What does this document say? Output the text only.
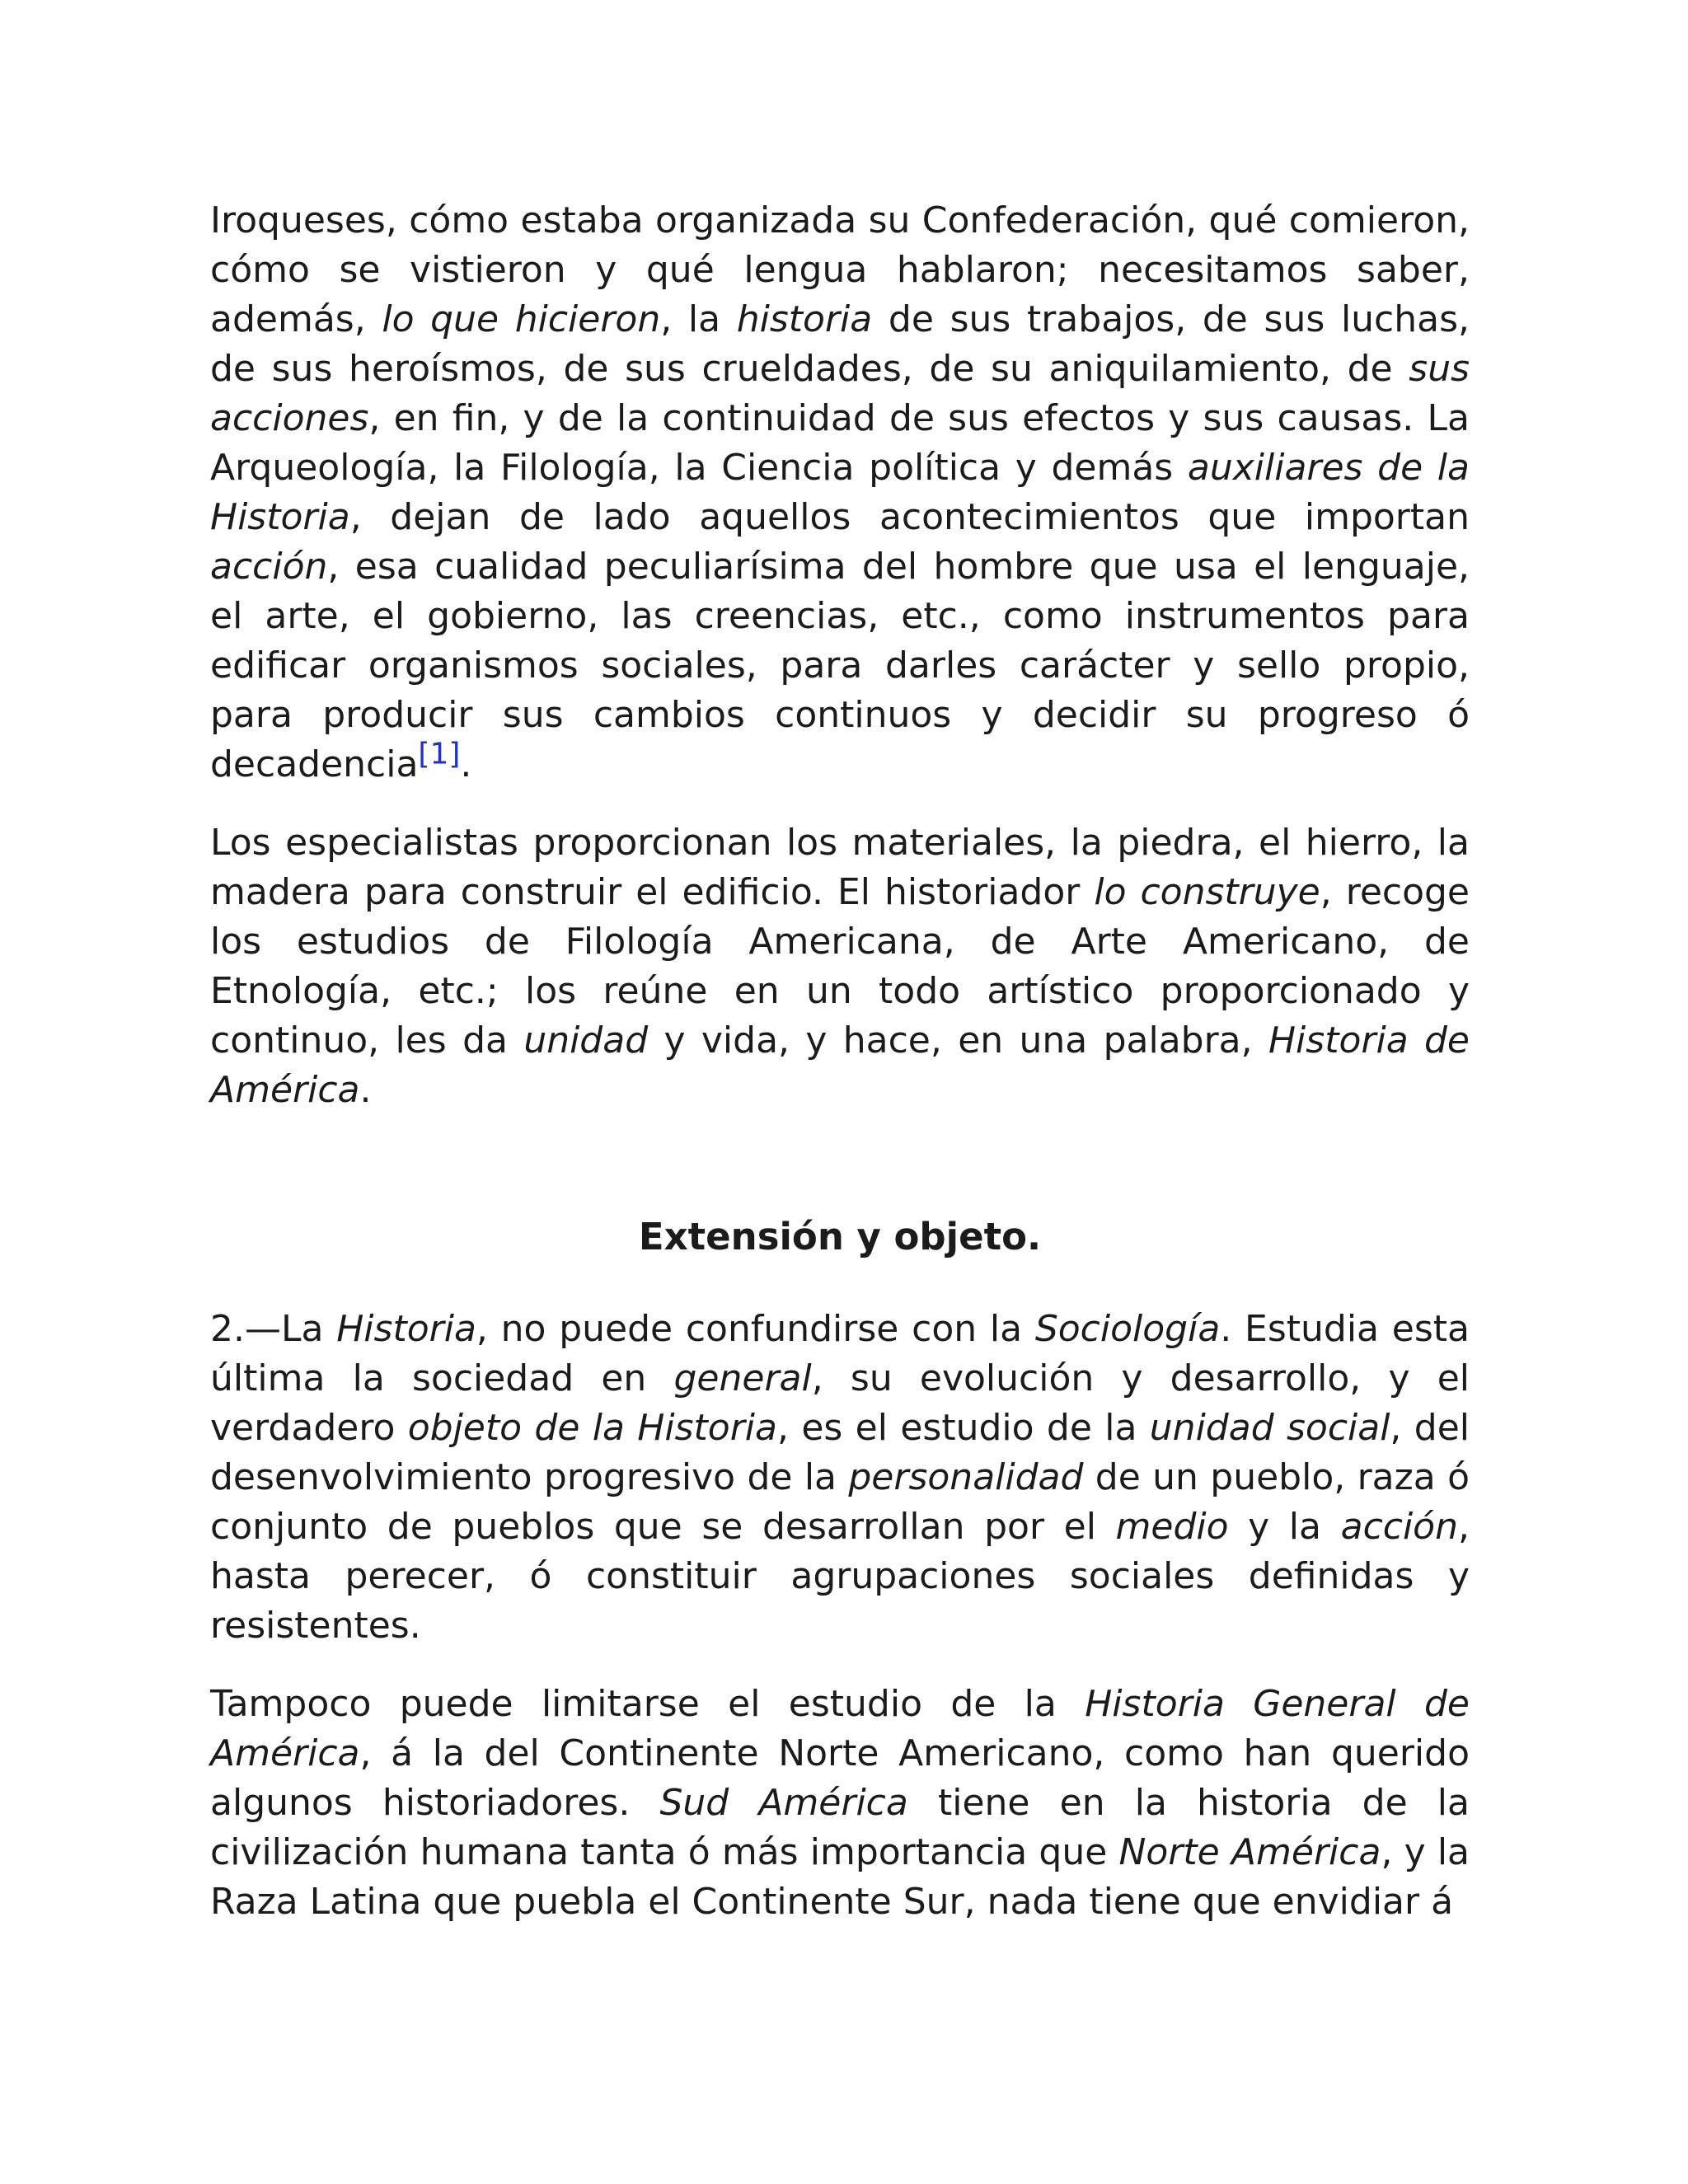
Iroqueses, cómo estaba organizada su Confederación, qué comieron, cómo se vistieron y qué lengua hablaron; necesitamos saber, además, lo que hicieron, la historia de sus trabajos, de sus luchas, de sus heroísmos, de sus crueldades, de su aniquilamiento, de sus acciones, en fin, y de la continuidad de sus efectos y sus causas. La Arqueología, la Filología, la Ciencia política y demás auxiliares de la Historia, dejan de lado aquellos acontecimientos que importan acción, esa cualidad peculiarísima del hombre que usa el lenguaje, el arte, el gobierno, las creencias, etc., como instrumentos para edificar organismos sociales, para darles carácter y sello propio, para producir sus cambios continuos y decidir su progreso ó decadencia[1].

Los especialistas proporcionan los materiales, la piedra, el hierro, la madera para construir el edificio. El historiador lo construye, recoge los estudios de Filología Americana, de Arte Americano, de Etnología, etc.; los reúne en un todo artístico proporcionado y continuo, les da unidad y vida, y hace, en una palabra, Historia de América.

Extensión y objeto.

2.—La Historia, no puede confundirse con la Sociología. Estudia esta última la sociedad en general, su evolución y desarrollo, y el verdadero objeto de la Historia, es el estudio de la unidad social, del desenvolvimiento progresivo de la personalidad de un pueblo, raza ó conjunto de pueblos que se desarrollan por el medio y la acción, hasta perecer, ó constituir agrupaciones sociales definidas y resistentes.

Tampoco puede limitarse el estudio de la Historia General de América, á la del Continente Norte Americano, como han querido algunos historiadores. Sud América tiene en la historia de la civilización humana tanta ó más importancia que Norte América, y la Raza Latina que puebla el Continente Sur, nada tiene que envidiar á
